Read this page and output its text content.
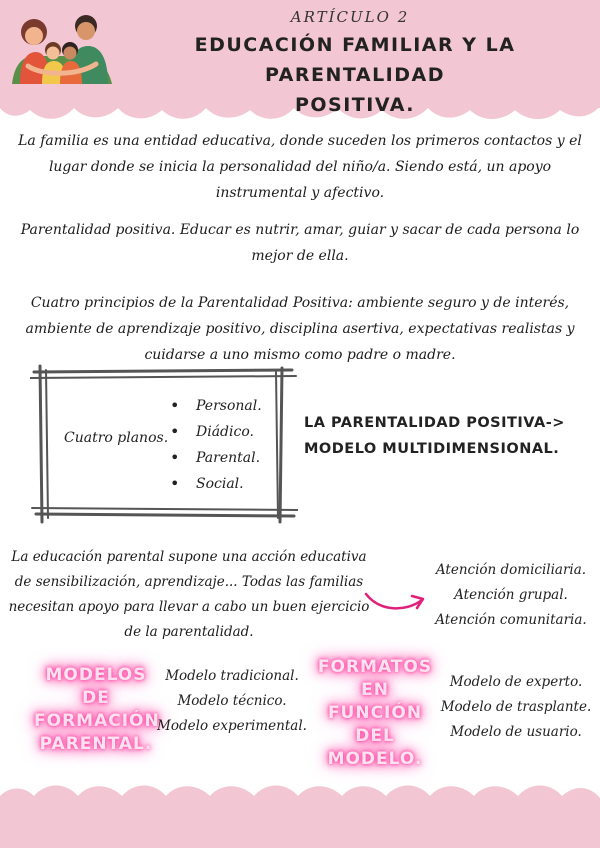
ARTÍCULO 2
EDUCACIÓN FAMILIAR Y LA PARENTALIDAD
POSITIVA.
La familia es una entidad educativa, donde suceden los primeros contactos y el lugar donde se inicia la personalidad del niño/a. Siendo está, un apoyo instrumental y afectivo.
Parentalidad positiva. Educar es nutrir, amar, guiar y sacar de cada persona lo mejor de ella.
Cuatro principios de la Parentalidad Positiva: ambiente seguro y de interés, ambiente de aprendizaje positivo, disciplina asertiva, expectativas realistas y cuidarse a uno mismo como padre o madre.
Cuatro planos.
• Personal.
• Diádico.
• Parental.
• Social.
LA PARENTALIDAD POSITIVA->
MODELO MULTIDIMENSIONAL.
La educación parental supone una acción educativa de sensibilización, aprendizaje... Todas las familias necesitan apoyo para llevar a cabo un buen ejercicio de la parentalidad.
Atención domiciliaria.
Atención grupal.
Atención comunitaria.
MODELOS DE
FORMACIÓN
PARENTAL.
Modelo tradicional.
Modelo técnico.
Modelo experimental.
FORMATOS
EN
FUNCIÓN
DEL MODELO.
Modelo de experto.
Modelo de trasplante.
Modelo de usuario.
